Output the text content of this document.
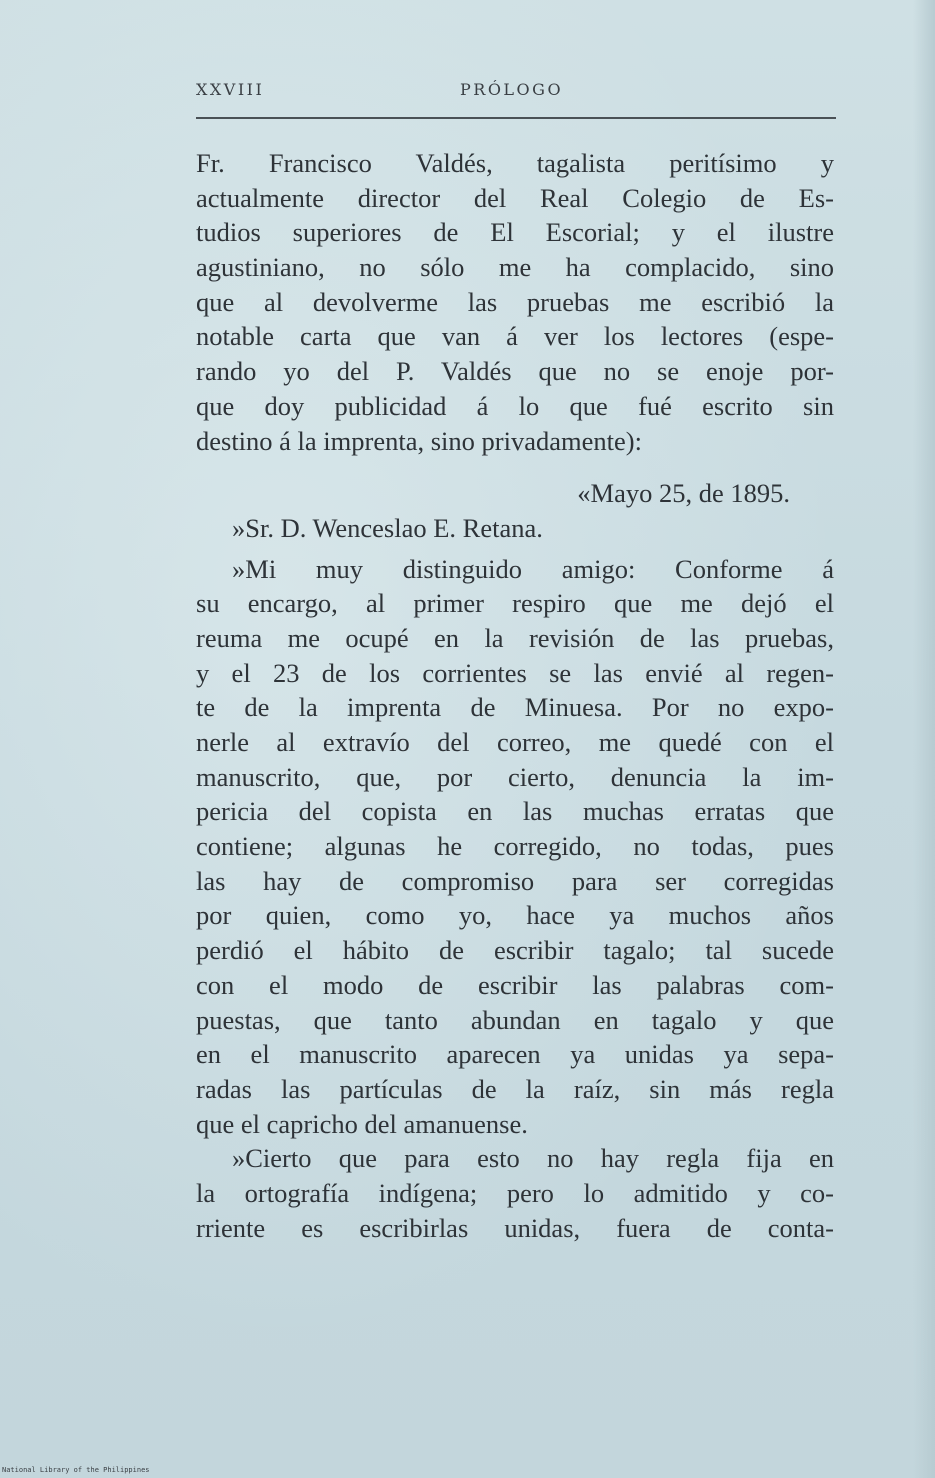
XXVIII	PRÓLOGO
Fr. Francisco Valdés, tagalista peritísimo y
actualmente director del Real Colegio de Es-
tudios superiores de El Escorial; y el ilustre
agustiniano, no sólo me ha complacido, sino
que al devolverme las pruebas me escribió la
notable carta que van á ver los lectores (espe-
rando yo del P. Valdés que no se enoje por-
que doy publicidad á lo que fué escrito sin
destino á la imprenta, sino privadamente):
«Mayo 25, de 1895.
»Sr. D. Wenceslao E. Retana.
»Mi muy distinguido amigo: Conforme á
su encargo, al primer respiro que me dejó el
reuma me ocupé en la revisión de las pruebas,
y el 23 de los corrientes se las envié al regen-
te de la imprenta de Minuesa. Por no expo-
nerle al extravío del correo, me quedé con el
manuscrito, que, por cierto, denuncia la im-
pericia del copista en las muchas erratas que
contiene; algunas he corregido, no todas, pues
las hay de compromiso para ser corregidas
por quien, como yo, hace ya muchos años
perdió el hábito de escribir tagalo; tal sucede
con el modo de escribir las palabras com-
puestas, que tanto abundan en tagalo y que
en el manuscrito aparecen ya unidas ya sepa-
radas las partículas de la raíz, sin más regla
que el capricho del amanuense.
»Cierto que para esto no hay regla fija en
la ortografía indígena; pero lo admitido y co-
rriente es escribirlas unidas, fuera de conta-
National Library of the Philippines
